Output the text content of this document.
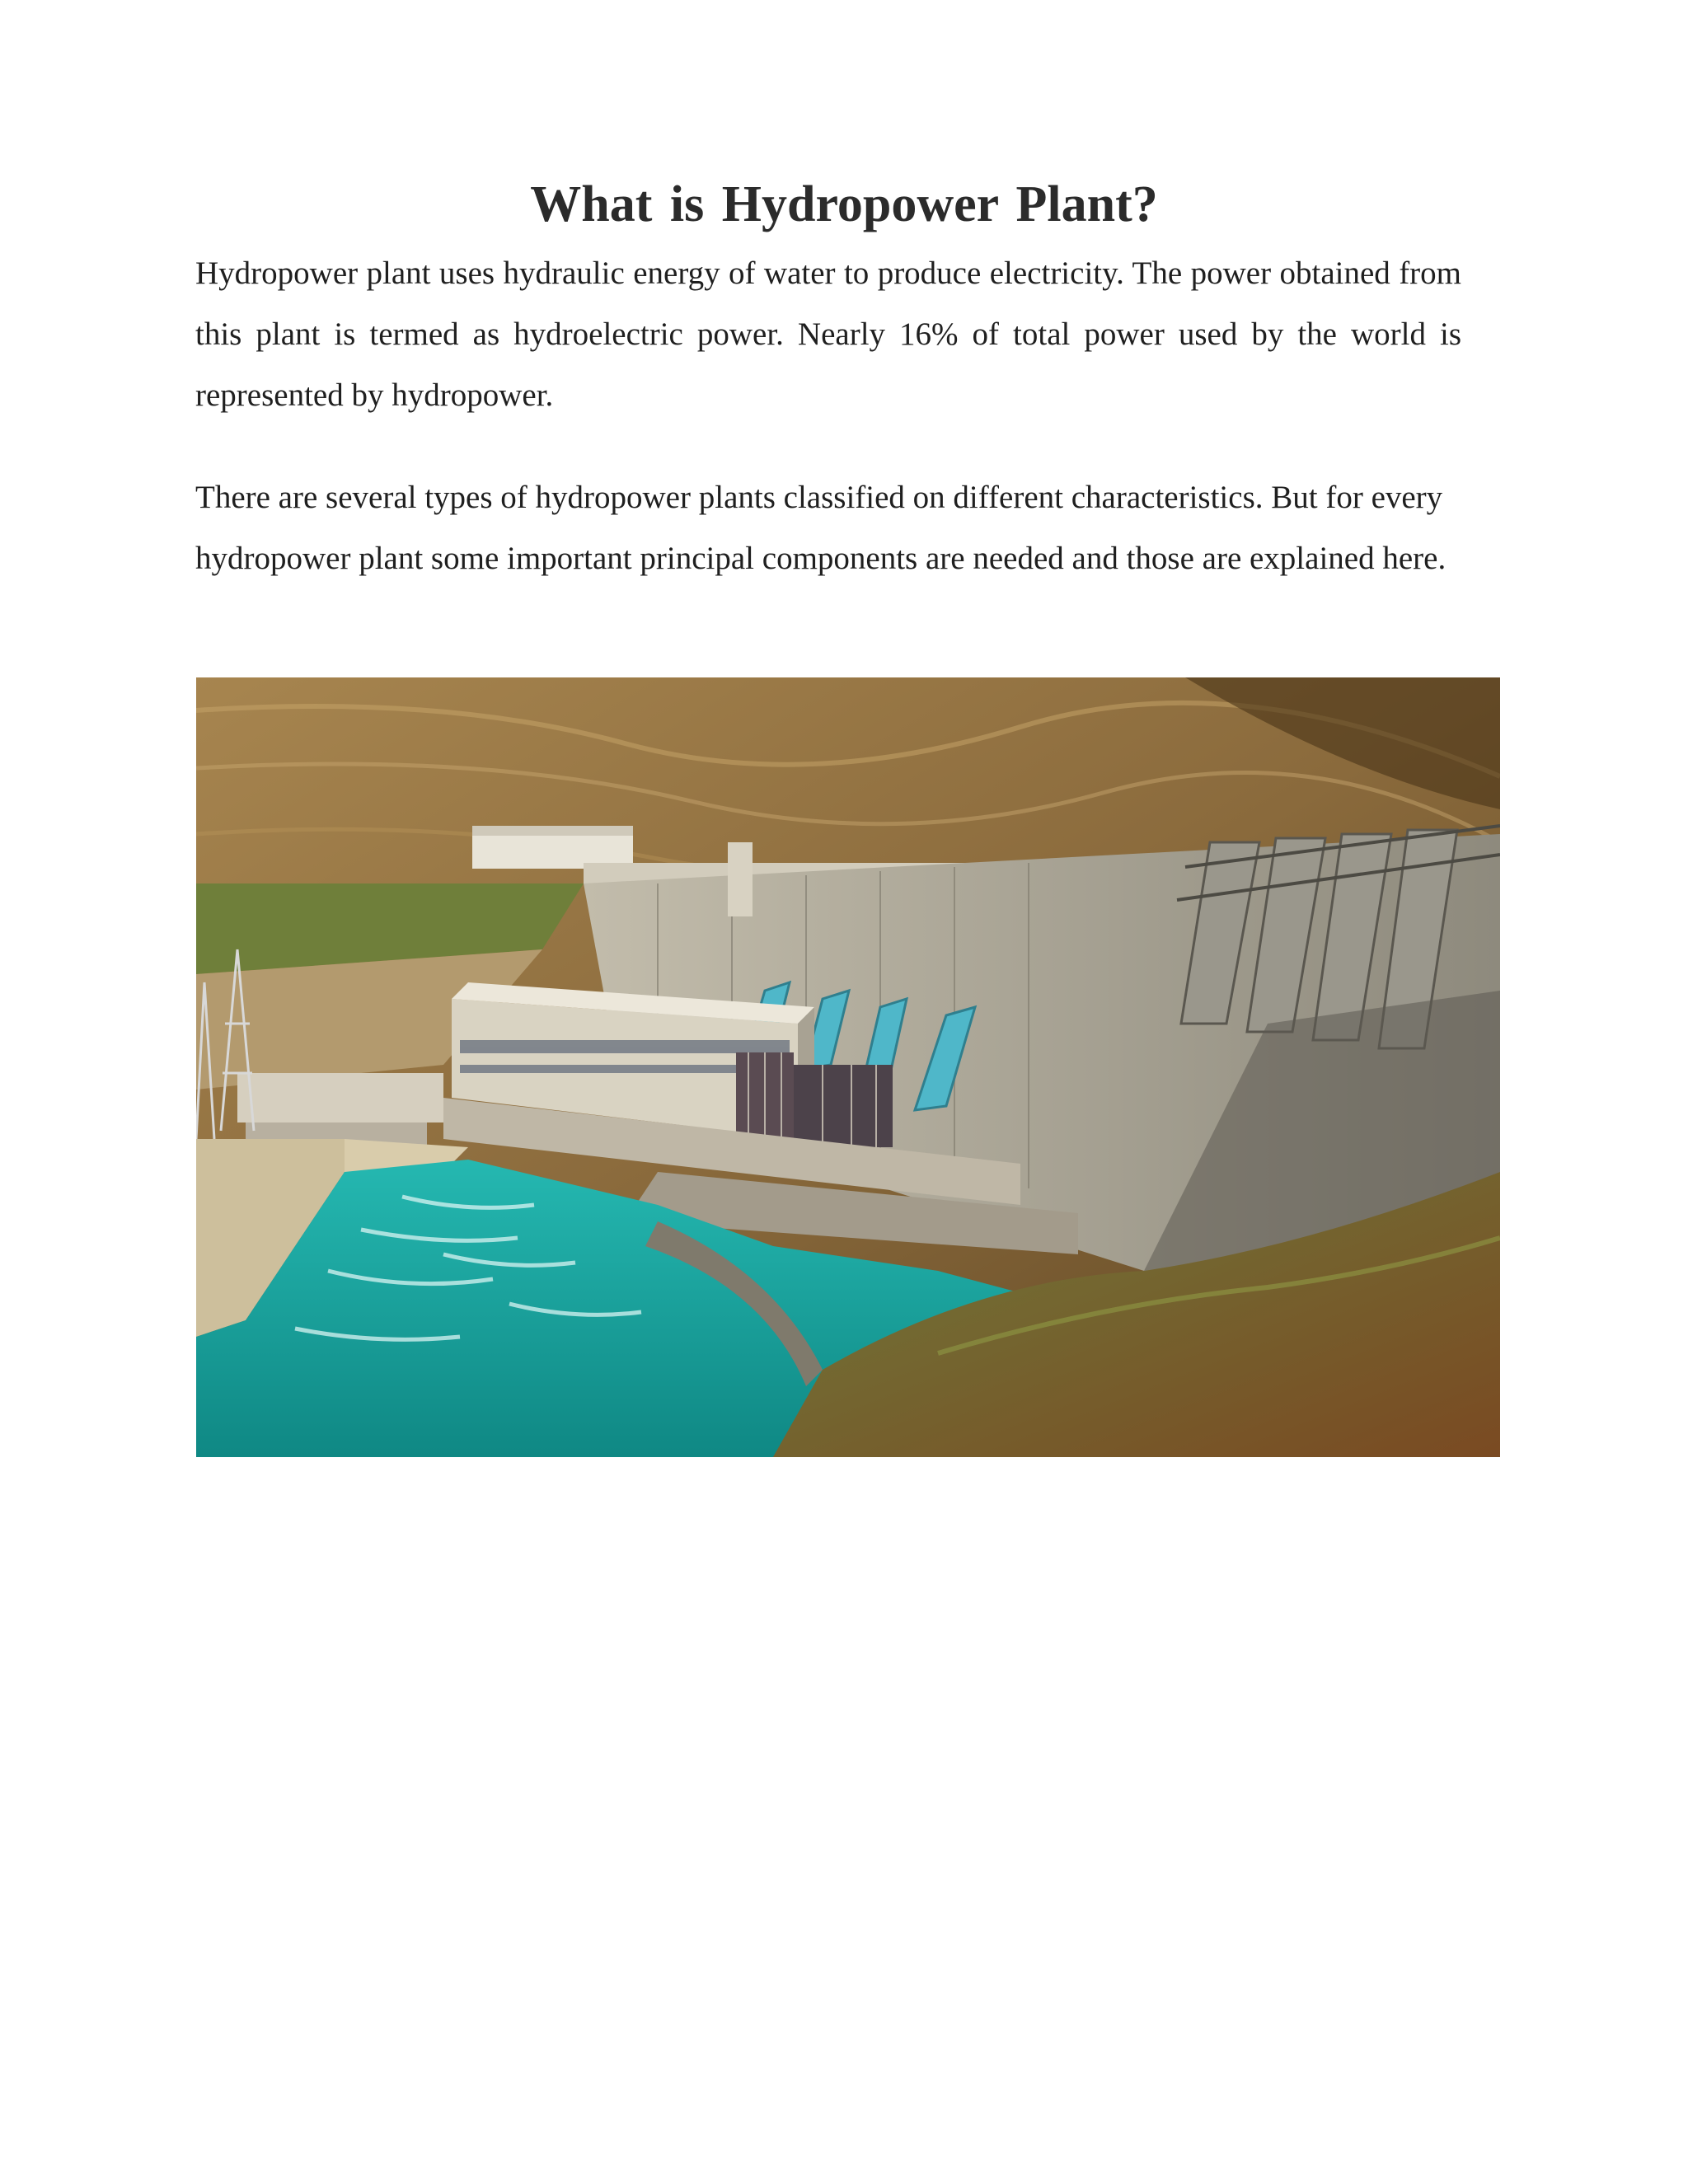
What is Hydropower Plant?

Hydropower plant uses hydraulic energy of water to produce electricity. The power obtained from this plant is termed as hydroelectric power. Nearly 16% of total power used by the world is represented by hydropower.

There are several types of hydropower plants classified on different characteristics. But for every hydropower plant some important principal components are needed and those are explained here.
